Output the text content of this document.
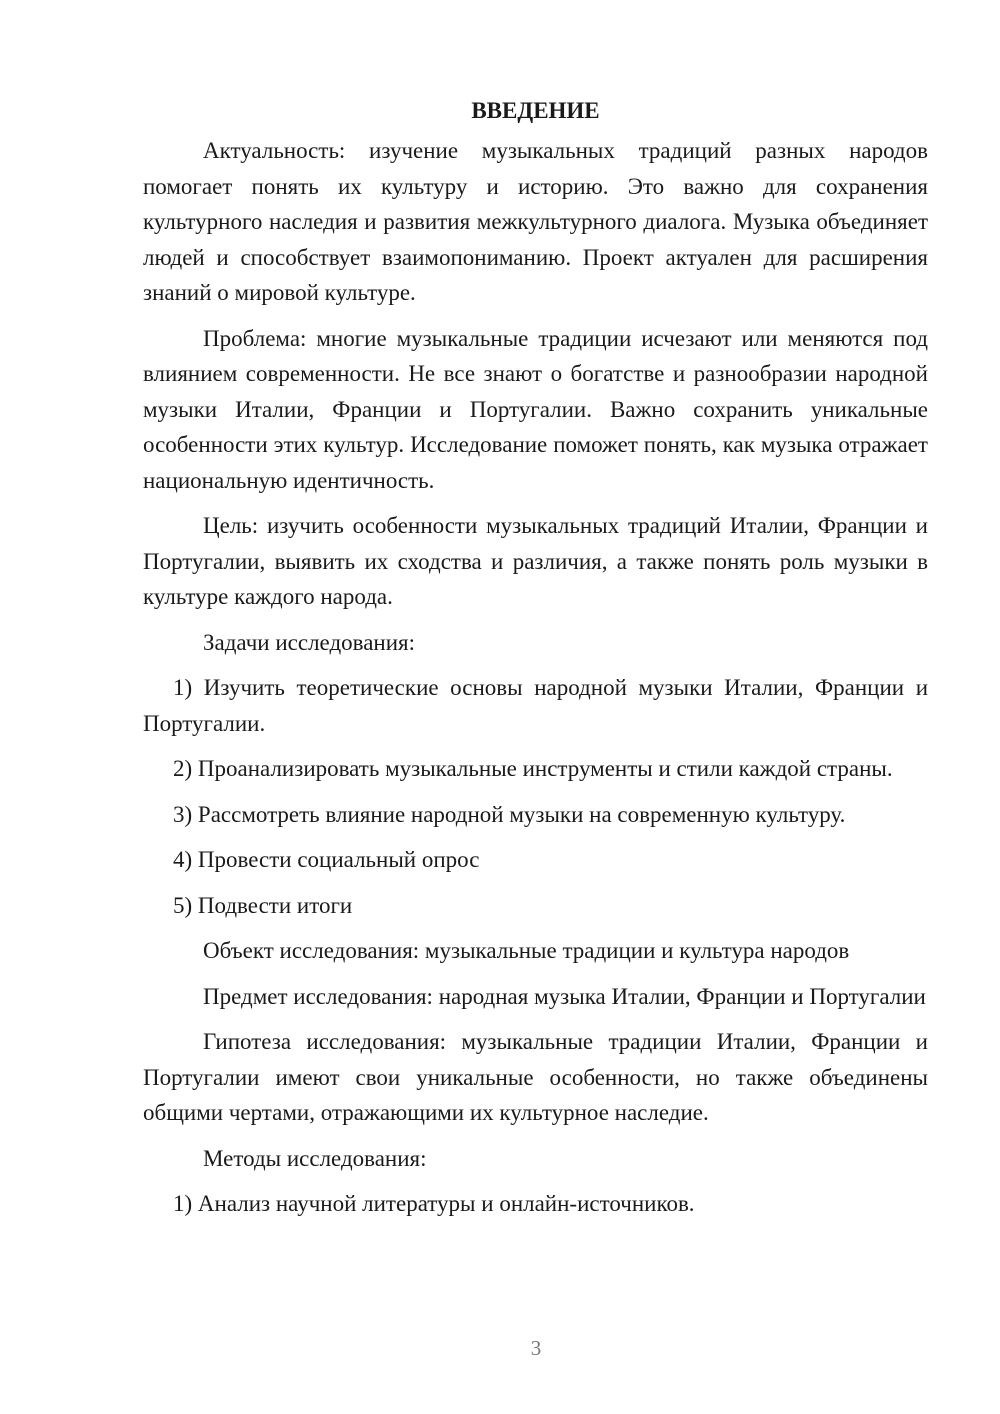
ВВЕДЕНИЕ

Актуальность: изучение музыкальных традиций разных народов помогает понять их культуру и историю. Это важно для сохранения культурного наследия и развития межкультурного диалога. Музыка объединяет людей и способствует взаимопониманию. Проект актуален для расширения знаний о мировой культуре.

Проблема: многие музыкальные традиции исчезают или меняются под влиянием современности. Не все знают о богатстве и разнообразии народной музыки Италии, Франции и Португалии. Важно сохранить уникальные особенности этих культур. Исследование поможет понять, как музыка отражает национальную идентичность.

Цель: изучить особенности музыкальных традиций Италии, Франции и Португалии, выявить их сходства и различия, а также понять роль музыки в культуре каждого народа.

Задачи исследования:

1) Изучить теоретические основы народной музыки Италии, Франции и Португалии.

2) Проанализировать музыкальные инструменты и стили каждой страны.

3) Рассмотреть влияние народной музыки на современную культуру.

4) Провести социальный опрос

5) Подвести итоги

Объект исследования: музыкальные традиции и культура народов

Предмет исследования: народная музыка Италии, Франции и Португалии

Гипотеза исследования: музыкальные традиции Италии, Франции и Португалии имеют свои уникальные особенности, но также объединены общими чертами, отражающими их культурное наследие.

Методы исследования:

1) Анализ научной литературы и онлайн-источников.

3
